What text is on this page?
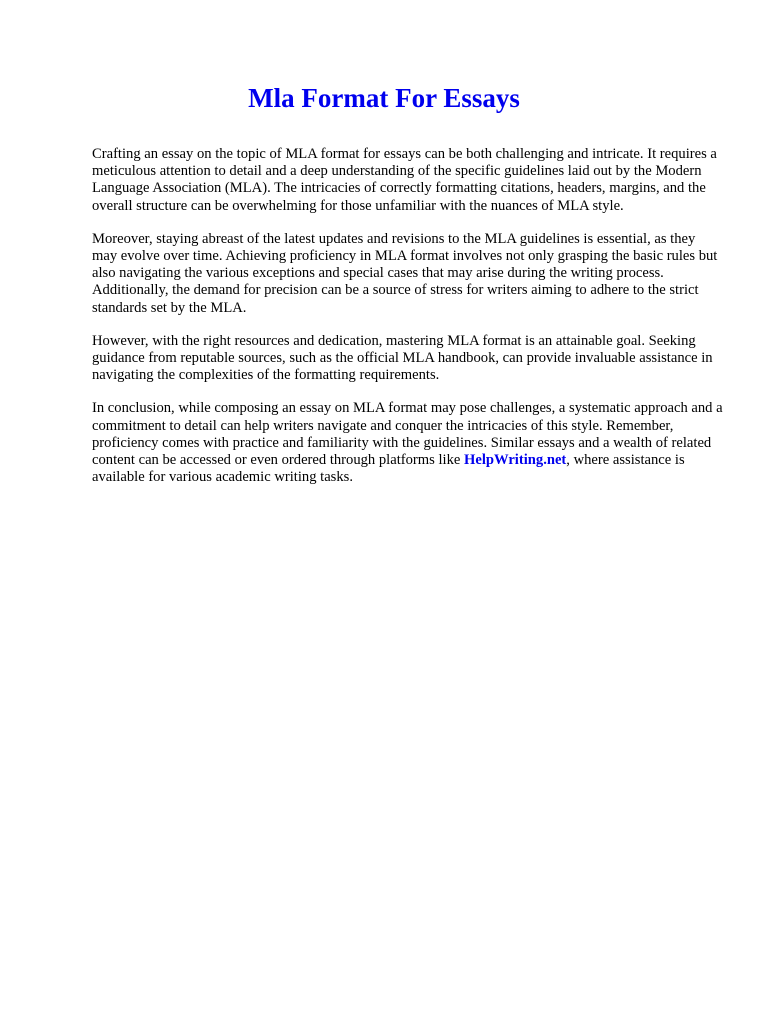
Mla Format For Essays

Crafting an essay on the topic of MLA format for essays can be both challenging and intricate. It requires a meticulous attention to detail and a deep understanding of the specific guidelines laid out by the Modern Language Association (MLA). The intricacies of correctly formatting citations, headers, margins, and the overall structure can be overwhelming for those unfamiliar with the nuances of MLA style.

Moreover, staying abreast of the latest updates and revisions to the MLA guidelines is essential, as they may evolve over time. Achieving proficiency in MLA format involves not only grasping the basic rules but also navigating the various exceptions and special cases that may arise during the writing process. Additionally, the demand for precision can be a source of stress for writers aiming to adhere to the strict standards set by the MLA.

However, with the right resources and dedication, mastering MLA format is an attainable goal. Seeking guidance from reputable sources, such as the official MLA handbook, can provide invaluable assistance in navigating the complexities of the formatting requirements.

In conclusion, while composing an essay on MLA format may pose challenges, a systematic approach and a commitment to detail can help writers navigate and conquer the intricacies of this style. Remember, proficiency comes with practice and familiarity with the guidelines. Similar essays and a wealth of related content can be accessed or even ordered through platforms like HelpWriting.net, where assistance is available for various academic writing tasks.
